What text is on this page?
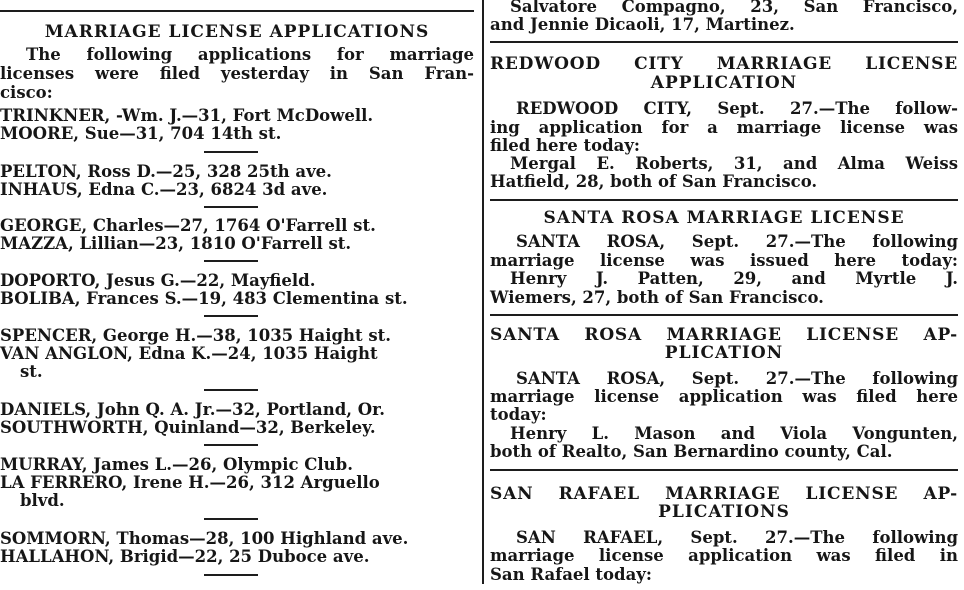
MARRIAGE LICENSE APPLICATIONS
The following applications for marriage
licenses were filed yesterday in San Fran-
cisco:
TRINKNER, -Wm. J.—31, Fort McDowell.
MOORE, Sue—31, 704 14th st.
PELTON, Ross D.—25, 328 25th ave.
INHAUS, Edna C.—23, 6824 3d ave.
GEORGE, Charles—27, 1764 O'Farrell st.
MAZZA, Lillian—23, 1810 O'Farrell st.
DOPORTO, Jesus G.—22, Mayfield.
BOLIBA, Frances S.—19, 483 Clementina st.
SPENCER, George H.—38, 1035 Haight st.
VAN ANGLON, Edna K.—24, 1035 Haight
st.
DANIELS, John Q. A. Jr.—32, Portland, Or.
SOUTHWORTH, Quinland—32, Berkeley.
MURRAY, James L.—26, Olympic Club.
LA FERRERO, Irene H.—26, 312 Arguello
blvd.
SOMMORN, Thomas—28, 100 Highland ave.
HALLAHON, Brigid—22, 25 Duboce ave.
Salvatore Compagno, 23, San Francisco,
and Jennie Dicaoli, 17, Martinez.
REDWOOD CITY MARRIAGE LICENSE
APPLICATION
REDWOOD CITY, Sept. 27.—The follow-
ing application for a marriage license was
filed here today:
Mergal E. Roberts, 31, and Alma Weiss
Hatfield, 28, both of San Francisco.
SANTA ROSA MARRIAGE LICENSE
SANTA ROSA, Sept. 27.—The following
marriage license was issued here today:
Henry J. Patten, 29, and Myrtle J.
Wiemers, 27, both of San Francisco.
SANTA ROSA MARRIAGE LICENSE AP-
PLICATION
SANTA ROSA, Sept. 27.—The following
marriage license application was filed here
today:
Henry L. Mason and Viola Vongunten,
both of Realto, San Bernardino county, Cal.
SAN RAFAEL MARRIAGE LICENSE AP-
PLICATIONS
SAN RAFAEL, Sept. 27.—The following
marriage license application was filed in
San Rafael today:
